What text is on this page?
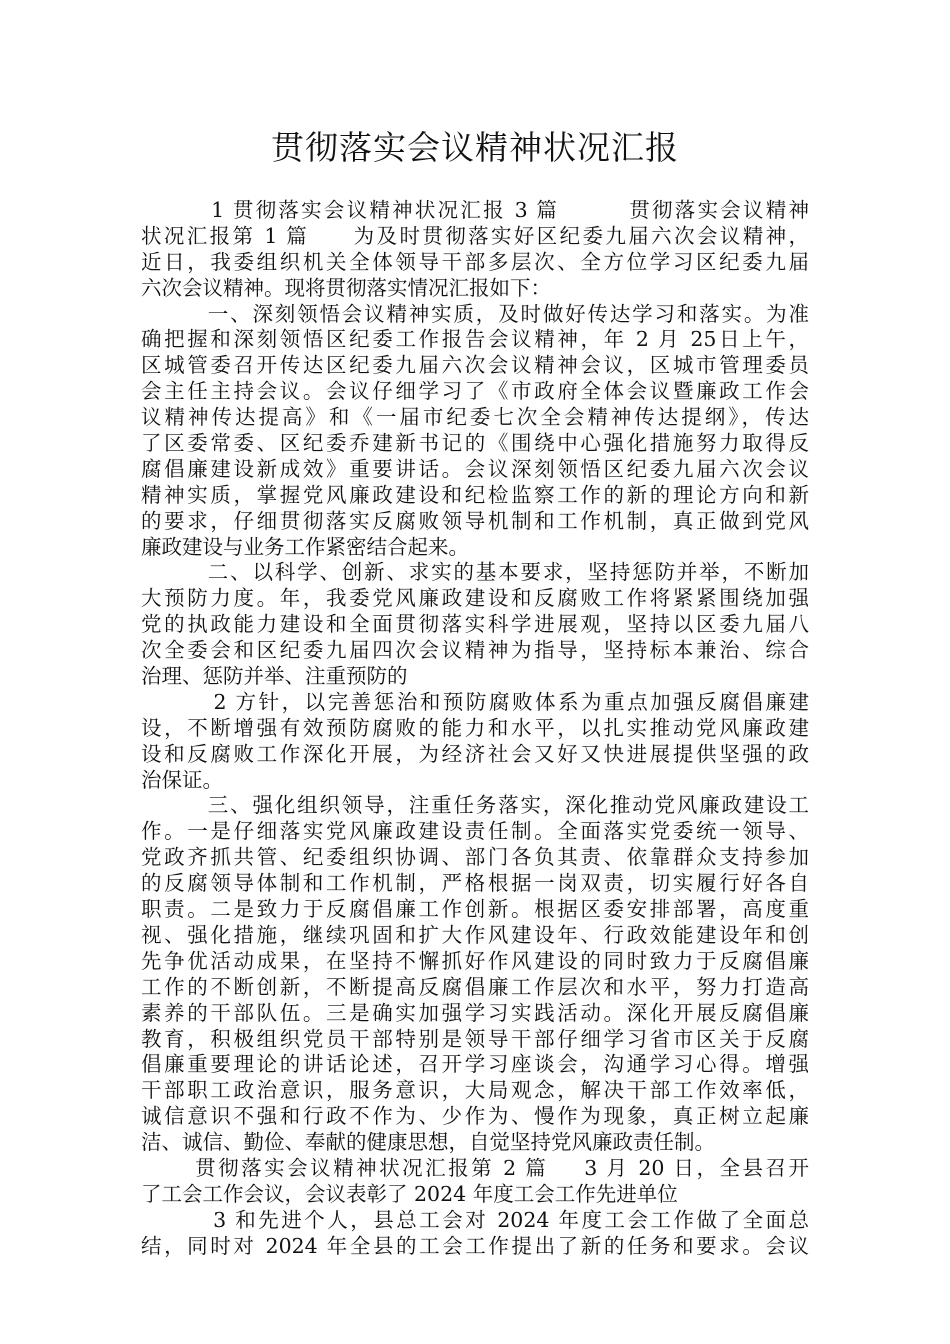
贯彻落实会议精神状况汇报
1 贯彻落实会议精神状况汇报 3 篇        贯彻落实会议精神
状况汇报第 1 篇     为及时贯彻落实好区纪委九届六次会议精神，
近日，我委组织机关全体领导干部多层次、全方位学习区纪委九届
六次会议精神。现将贯彻落实情况汇报如下：
一、深刻领悟会议精神实质，及时做好传达学习和落实。为准
确把握和深刻领悟区纪委工作报告会议精神，年 2 月 25日上午，
区城管委召开传达区纪委九届六次会议精神会议，区城市管理委员
会主任主持会议。会议仔细学习了《市政府全体会议暨廉政工作会
议精神传达提高》和《一届市纪委七次全会精神传达提纲》，传达
了区委常委、区纪委乔建新书记的《围绕中心强化措施努力取得反
腐倡廉建设新成效》重要讲话。会议深刻领悟区纪委九届六次会议
精神实质，掌握党风廉政建设和纪检监察工作的新的理论方向和新
的要求，仔细贯彻落实反腐败领导机制和工作机制，真正做到党风
廉政建设与业务工作紧密结合起来。
二、以科学、创新、求实的基本要求，坚持惩防并举，不断加
大预防力度。年，我委党风廉政建设和反腐败工作将紧紧围绕加强
党的执政能力建设和全面贯彻落实科学进展观，坚持以区委九届八
次全委会和区纪委九届四次会议精神为指导，坚持标本兼治、综合
治理、惩防并举、注重预防的
2 方针，以完善惩治和预防腐败体系为重点加强反腐倡廉建
设，不断增强有效预防腐败的能力和水平，以扎实推动党风廉政建
设和反腐败工作深化开展，为经济社会又好又快进展提供坚强的政
治保证。
三、强化组织领导，注重任务落实，深化推动党风廉政建设工
作。一是仔细落实党风廉政建设责任制。全面落实党委统一领导、
党政齐抓共管、纪委组织协调、部门各负其责、依靠群众支持参加
的反腐领导体制和工作机制，严格根据一岗双责，切实履行好各自
职责。二是致力于反腐倡廉工作创新。根据区委安排部署，高度重
视、强化措施，继续巩固和扩大作风建设年、行政效能建设年和创
先争优活动成果，在坚持不懈抓好作风建设的同时致力于反腐倡廉
工作的不断创新，不断提高反腐倡廉工作层次和水平，努力打造高
素养的干部队伍。三是确实加强学习实践活动。深化开展反腐倡廉
教育，积极组织党员干部特别是领导干部仔细学习省市区关于反腐
倡廉重要理论的讲话论述，召开学习座谈会，沟通学习心得。增强
干部职工政治意识，服务意识，大局观念，解决干部工作效率低，
诚信意识不强和行政不作为、少作为、慢作为现象，真正树立起廉
洁、诚信、勤俭、奉献的健康思想，自觉坚持党风廉政责任制。
贯彻落实会议精神状况汇报第 2 篇    3 月 20 日，全县召开
了工会工作会议，会议表彰了 2024 年度工会工作先进单位
3 和先进个人，县总工会对 2024 年度工会工作做了全面总
结，同时对 2024 年全县的工会工作提出了新的任务和要求。会议
